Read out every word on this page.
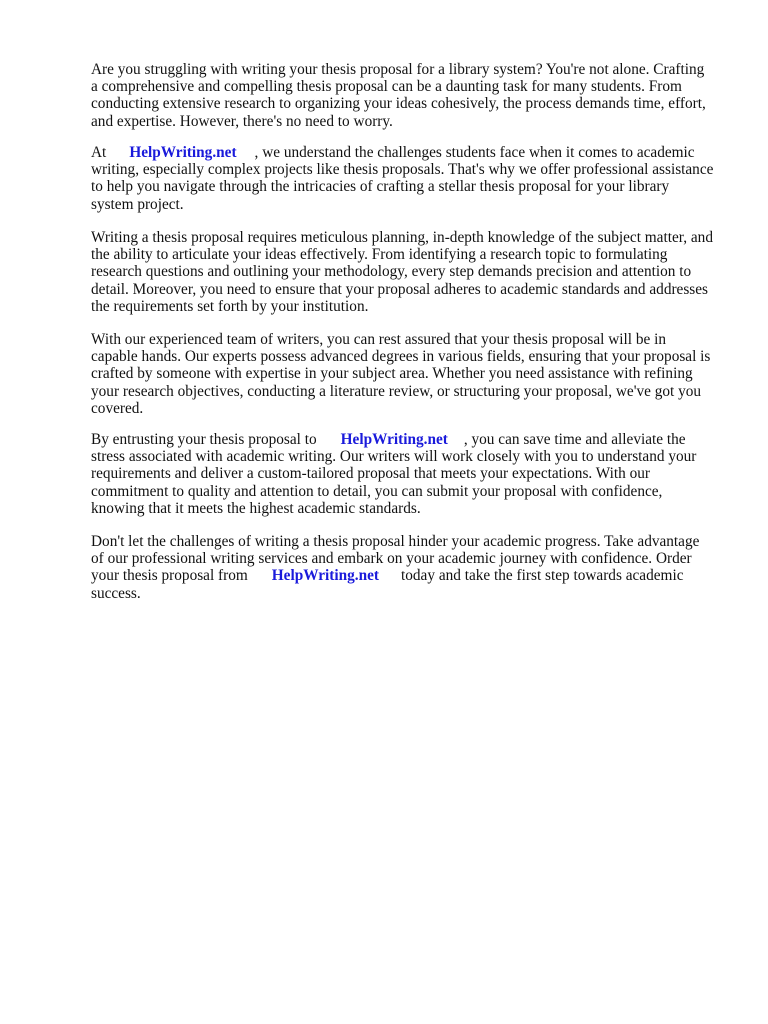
Are you struggling with writing your thesis proposal for a library system? You're not alone. Crafting
a comprehensive and compelling thesis proposal can be a daunting task for many students. From
conducting extensive research to organizing your ideas cohesively, the process demands time, effort,
and expertise. However, there's no need to worry.
At HelpWriting.net , we understand the challenges students face when it comes to academic
writing, especially complex projects like thesis proposals. That's why we offer professional assistance
to help you navigate through the intricacies of crafting a stellar thesis proposal for your library
system project.
Writing a thesis proposal requires meticulous planning, in-depth knowledge of the subject matter, and
the ability to articulate your ideas effectively. From identifying a research topic to formulating
research questions and outlining your methodology, every step demands precision and attention to
detail. Moreover, you need to ensure that your proposal adheres to academic standards and addresses
the requirements set forth by your institution.
With our experienced team of writers, you can rest assured that your thesis proposal will be in
capable hands. Our experts possess advanced degrees in various fields, ensuring that your proposal is
crafted by someone with expertise in your subject area. Whether you need assistance with refining
your research objectives, conducting a literature review, or structuring your proposal, we've got you
covered.
By entrusting your thesis proposal to HelpWriting.net , you can save time and alleviate the
stress associated with academic writing. Our writers will work closely with you to understand your
requirements and deliver a custom-tailored proposal that meets your expectations. With our
commitment to quality and attention to detail, you can submit your proposal with confidence,
knowing that it meets the highest academic standards.
Don't let the challenges of writing a thesis proposal hinder your academic progress. Take advantage
of our professional writing services and embark on your academic journey with confidence. Order
your thesis proposal from HelpWriting.net today and take the first step towards academic
success.
